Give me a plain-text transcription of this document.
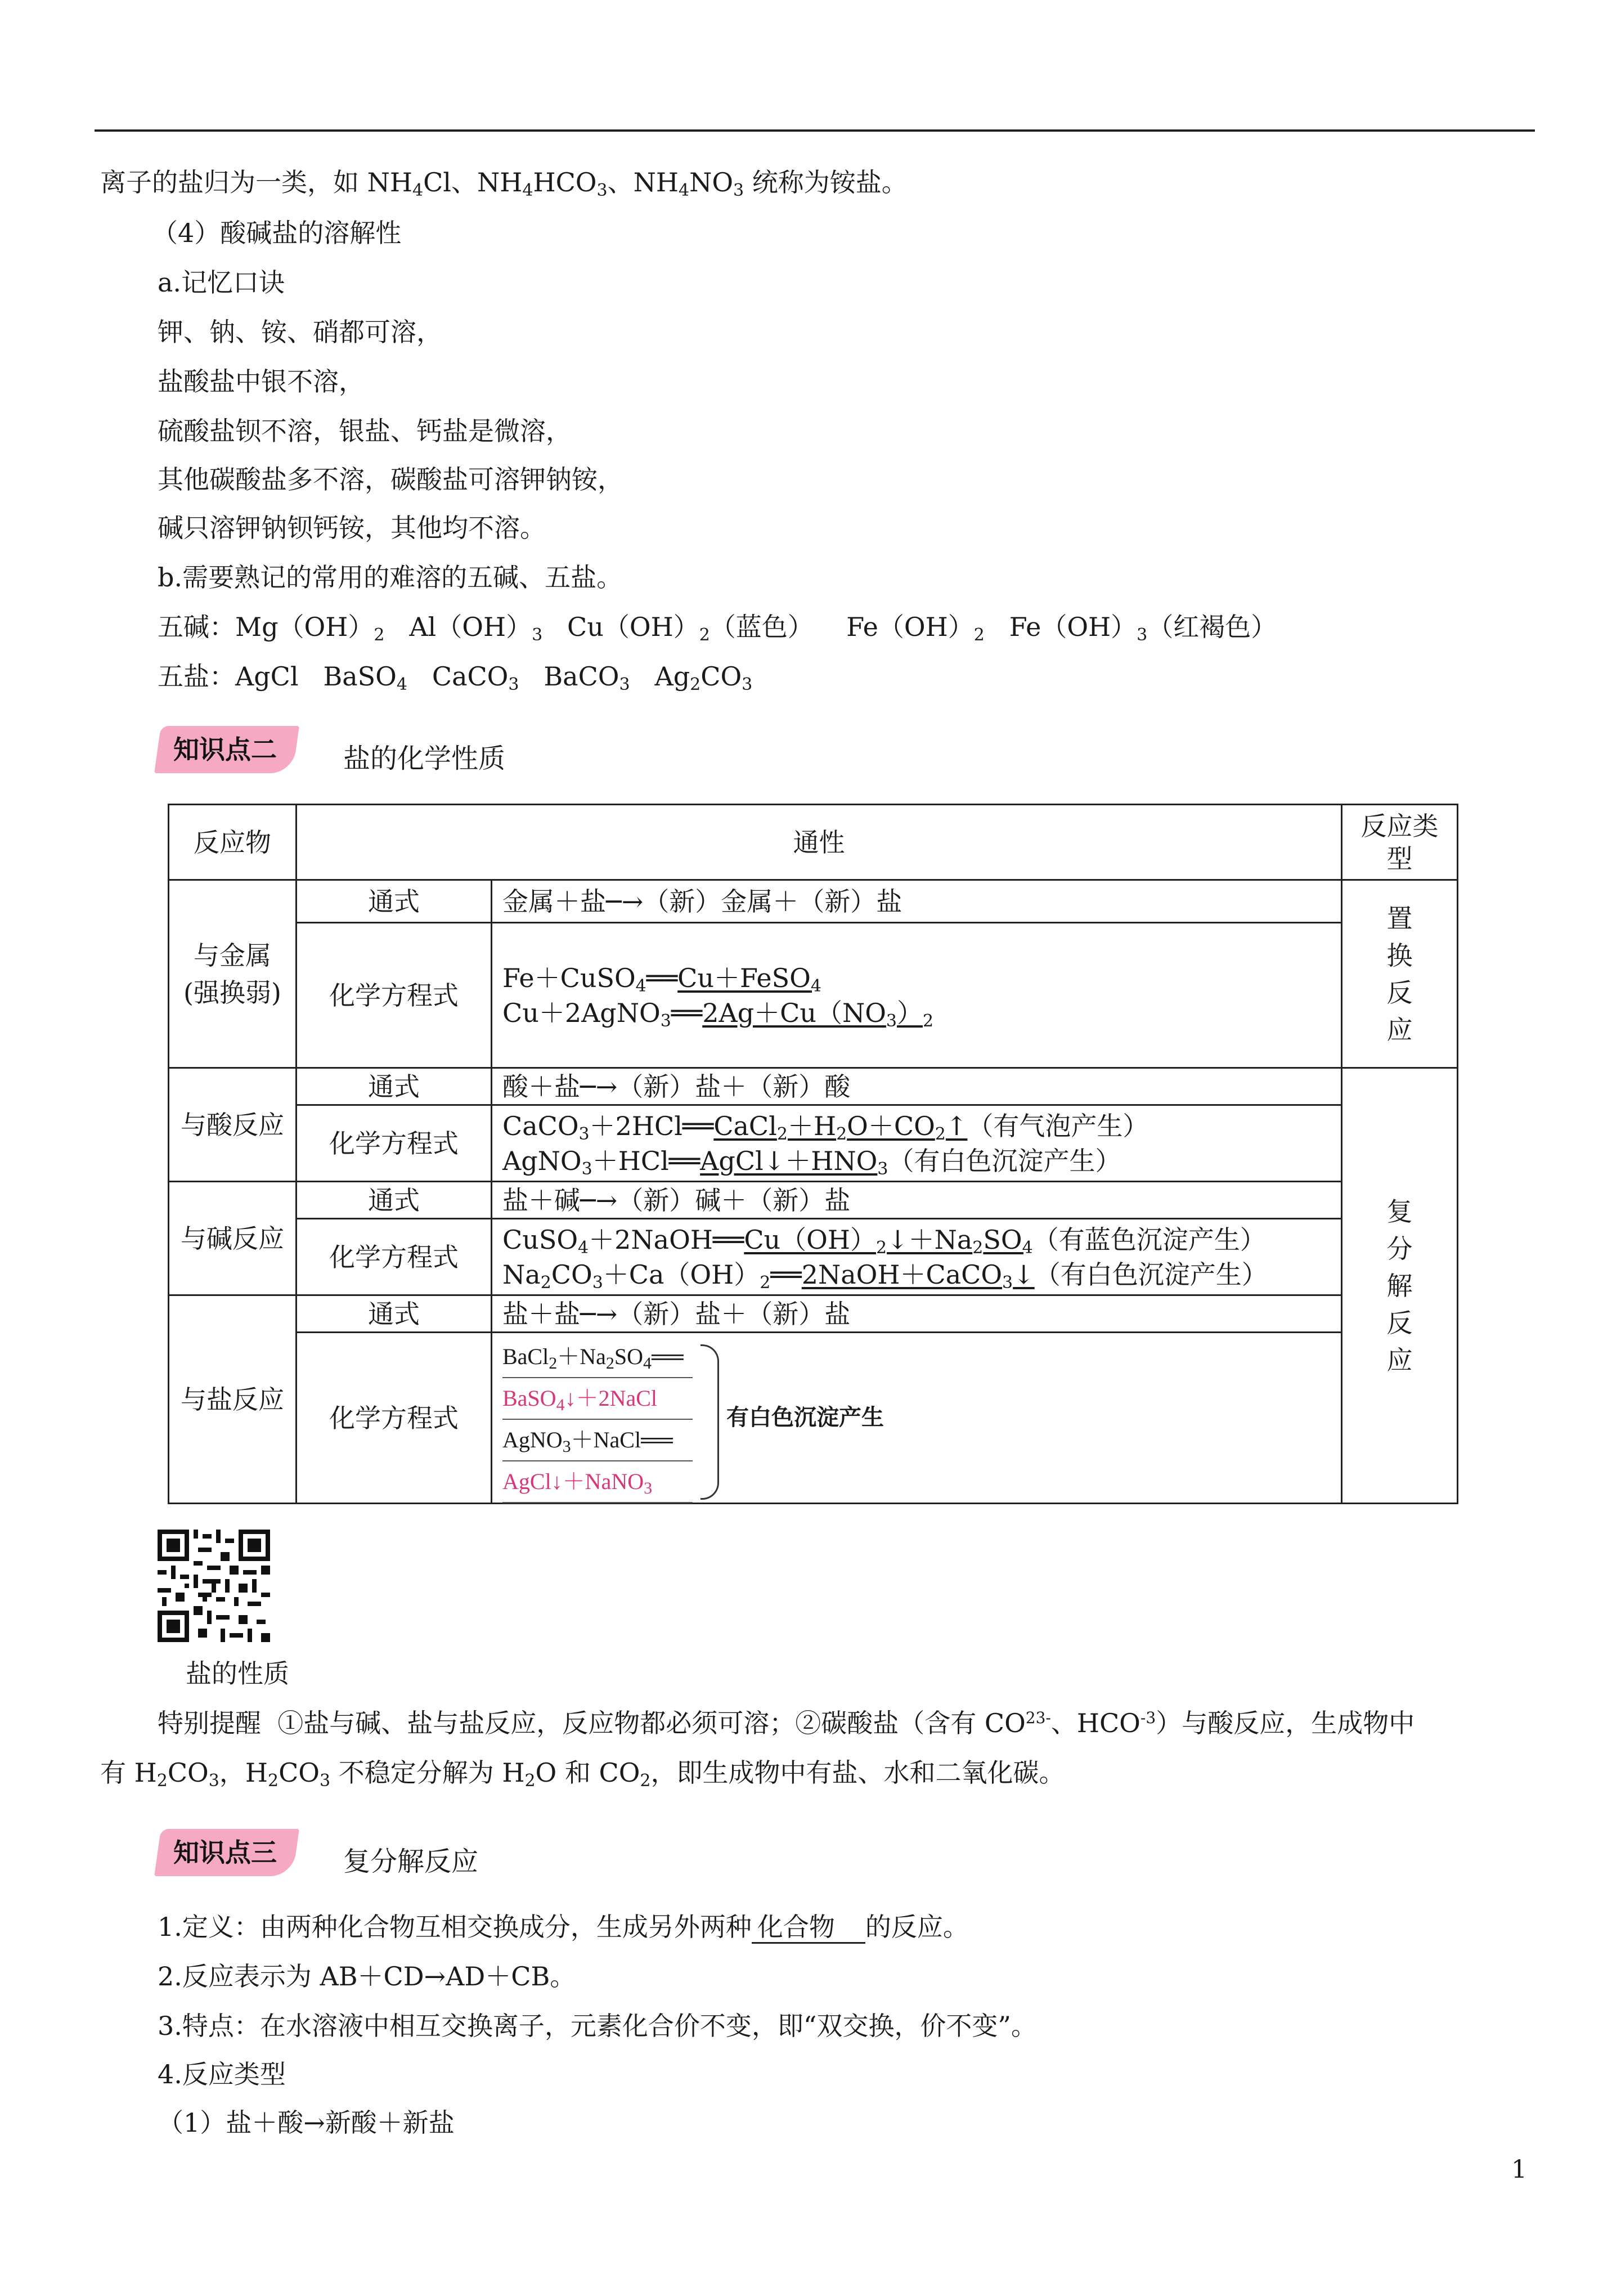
离子的盐归为一类，如 $NH_4Cl$、$NH_4HCO_3$、$NH_4NO_3$ 统称为铵盐。
（4）酸碱盐的溶解性
a.记忆口诀
钾、钠、铵、硝都可溶，
盐酸盐中银不溶，
硫酸盐钡不溶，银盐、钙盐是微溶，
其他碳酸盐多不溶，碳酸盐可溶钾钠铵，
碱只溶钾钠钡钙铵，其他均不溶。
b.需要熟记的常用的难溶的五碱、五盐。
五碱：$Mg(OH)_2$   $Al(OH)_3$   $Cu(OH)_2$（蓝色）    $Fe(OH)_2$   $Fe(OH)_3$（红褐色）
五盐：AgCl   BaSO$_4$   CaCO$_3$   BaCO$_3$   $Ag_2CO_3$
知识点二	盐的化学性质
反应物	通性		反应类型
与金属(强换弱)	通式	金属＋盐─→（新）金属＋（新）盐	置换反应
	化学方程式	Fe＋CuSO$_4$══Cu＋FeSO$_4$
$Cu+2AgNO_3══2Ag+Cu(NO_3)_2$

与酸反应	通式	酸＋盐─→（新）盐＋（新）酸	复分解反应
	化学方程式	$CaCO_3+2HCl══CaCl_2+H_2O+CO_2↑$（有气泡产生）
$AgNO_3+HCl══AgCl↓+HNO_3$（有白色沉淀产生）	

与碱反应	通式	盐＋碱─→（新）碱＋（新）盐	
	化学方程式	$CuSO_4+2NaOH══Cu(OH)_2↓+Na_2SO_4$（有蓝色沉淀产生）
$Na_2CO_3+Ca(OH)_2══2NaOH+CaCO_3↓$（有白色沉淀产生）	

与盐反应	通式	盐＋盐─→（新）盐＋（新）盐	
	化学方程式	$BaCl_2+Na_2SO_4══$
BaSO$_4$↓＋2NaCl
AgNO$_3$＋NaCl══
AgCl↓＋NaNO$_3$
有白色沉淀产生	
盐的性质
特别提醒 ①盐与碱、盐与盐反应，反应物都必须可溶；②碳酸盐（含有 $CO^{23-}$、$HCO^{-3}$）与酸反应，生成物中
有 $H_2CO_3$，$H_2CO_3$ 不稳定分解为 $H_2O$ 和 $CO_2$，即生成物中有盐、水和二氧化碳。
知识点三	复分解反应
1.定义：由两种化合物互相交换成分，生成另外两种 化合物 的反应。
2.反应表示为 AB＋CD→AD＋CB。
3.特点：在水溶液中相互交换离子，元素化合价不变，即“双交换，价不变”。
4.反应类型
（1）盐＋酸→新酸＋新盐
1
